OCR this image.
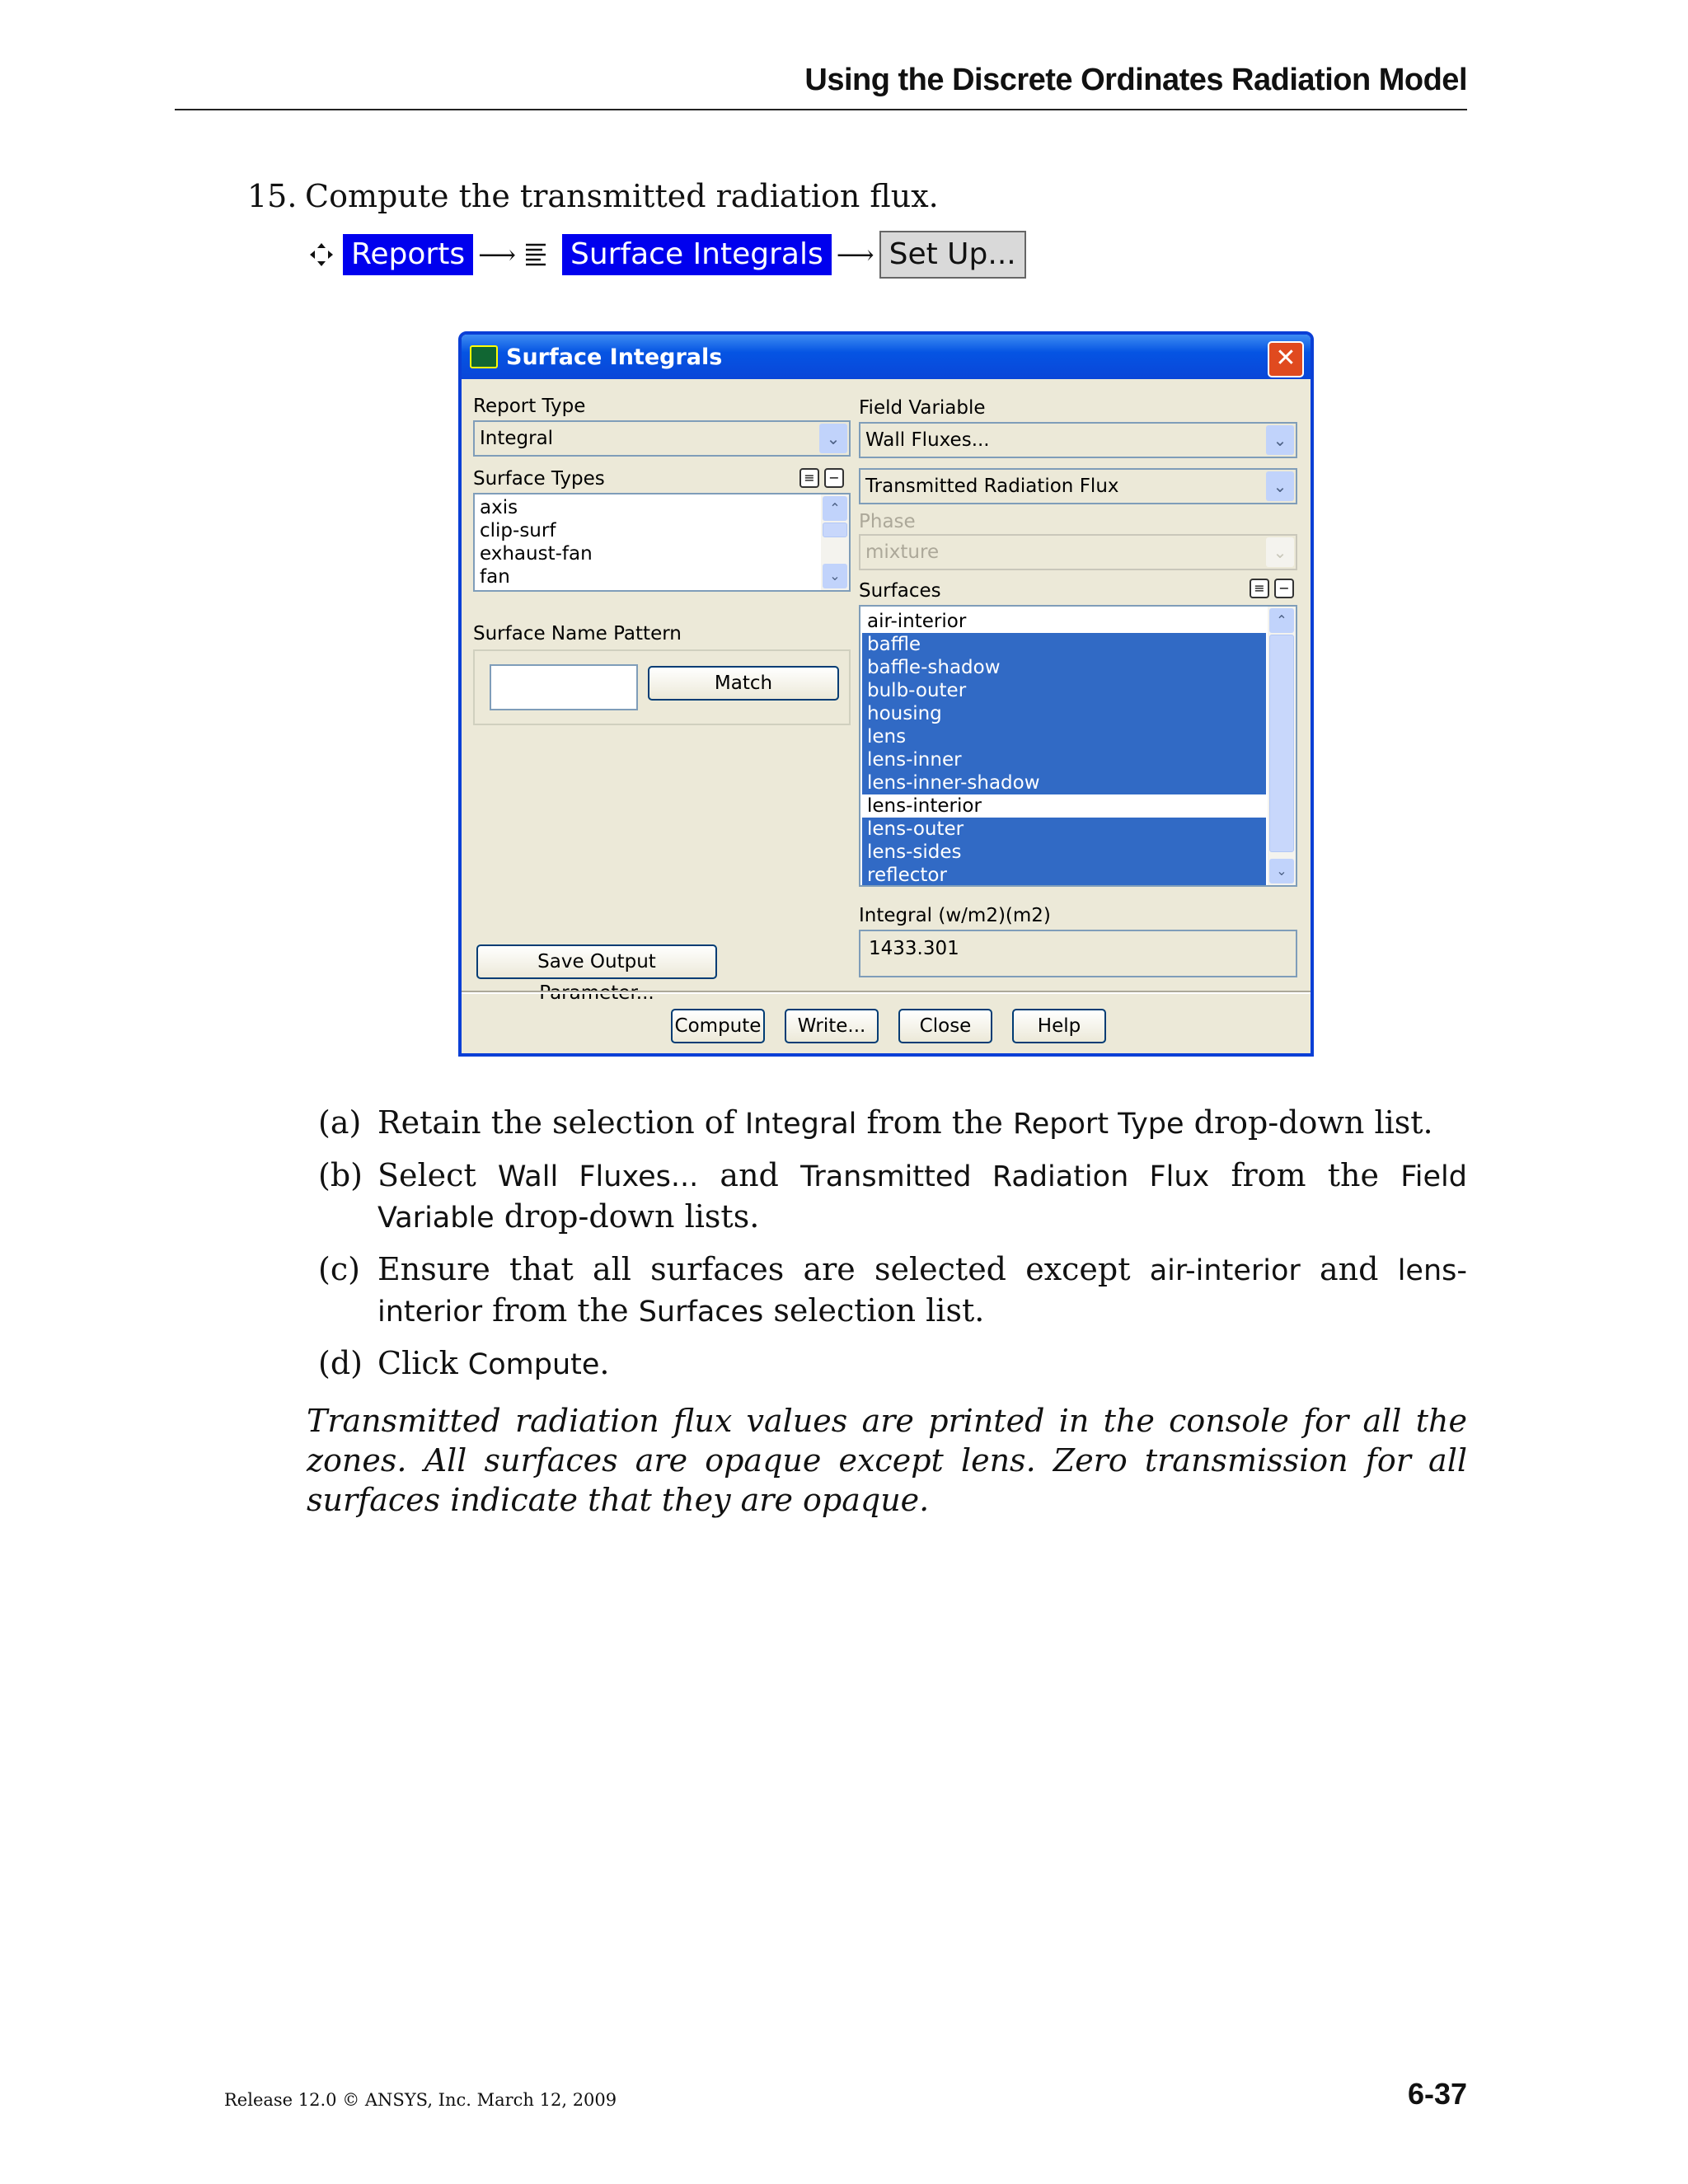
Using the Discrete Ordinates Radiation Model
15. Compute the transmitted radiation flux.
Reports ⟶ Surface Integrals ⟶ Set Up...
Surface Integrals	✕
Report Type
Integral	⌄
Surface Types	≡	−
axis
clip-surf
exhaust-fan
fan
⌃
⌄
Surface Name Pattern
Match
Save Output
Field Variable
Wall Fluxes...	⌄
Transmitted Radiation Flux	⌄
Phase
mixture	⌄
Surfaces	≡	−
air-interior
baffle
baffle-shadow
bulb-outer
housing
lens
lens-inner
lens-inner-shadow
lens-interior
lens-outer
lens-sides
reflector
⌃
⌄
Integral (w/m2)(m2)
1433.301
Compute	Write...	Close	Help
(a) Retain the selection of Integral from the Report Type drop-down list.
(b) Select Wall Fluxes... and Transmitted Radiation Flux from the Field Variable drop-down lists.
(c) Ensure that all surfaces are selected except air-interior and lens-interior from the Surfaces selection list.
(d) Click Compute.
Transmitted radiation flux values are printed in the console for all the zones. All surfaces are opaque except lens. Zero transmission for all surfaces indicate that they are opaque.
Release 12.0 © ANSYS, Inc. March 12, 2009	6-37
